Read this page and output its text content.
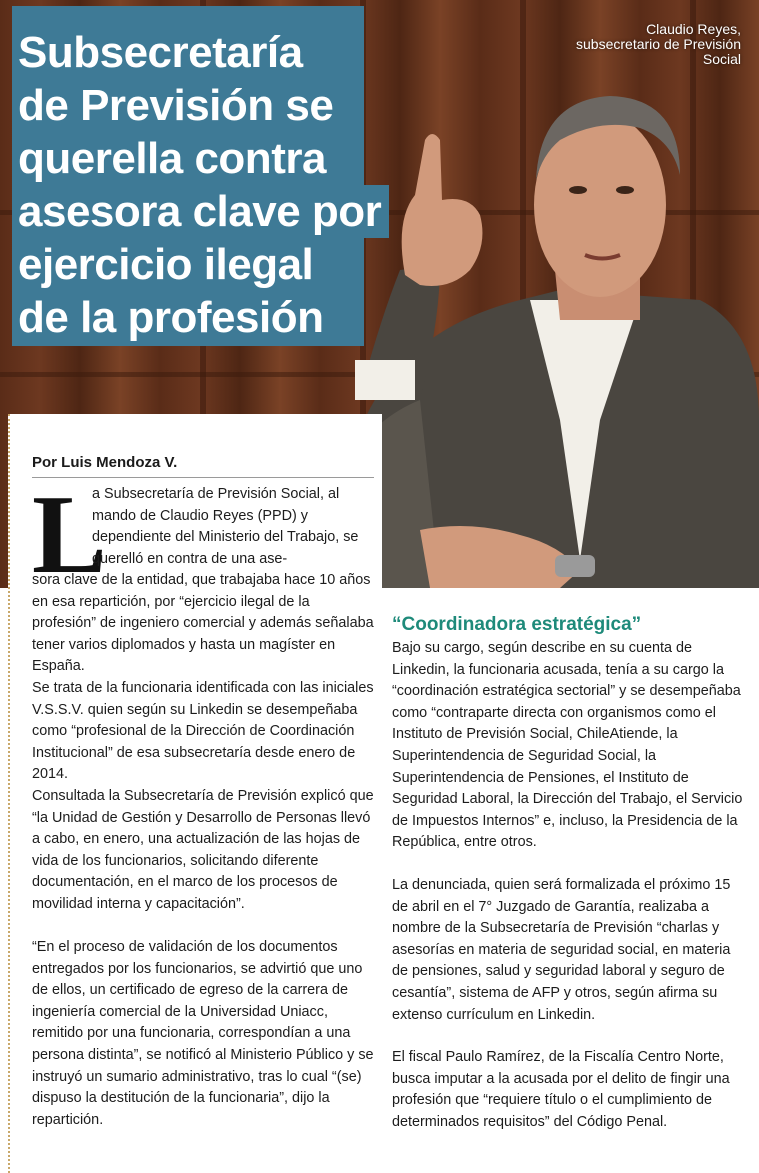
Claudio Reyes, subsecretario de Previsión Social
Subsecretaría
de Previsión se
querella contra
asesora clave por
ejercicio ilegal
de la profesión
Por Luis Mendoza V.
L

a Subsecretaría de Previsión Social, al mando de Claudio Reyes (PPD) y dependiente del Ministerio del Trabajo, se querelló en contra de una ase-

sora clave de la entidad, que trabajaba hace 10 años en esa repartición, por “ejercicio ilegal de la profesión” de ingeniero comercial y además señalaba tener varios diplomados y hasta un magíster en España.

Se trata de la funcionaria identificada con las iniciales V.S.S.V. quien según su Linkedin se desempeñaba como “profesional de la Dirección de Coordinación Institucional” de esa subsecretaría desde enero de 2014.

Consultada la Subsecretaría de Previsión explicó que “la Unidad de Gestión y Desarrollo de Personas llevó a cabo, en enero, una actualización de las hojas de vida de los funcionarios, solicitando diferente documentación, en el marco de los procesos de movilidad interna y capacitación”.

“En el proceso de validación de los documentos entregados por los funcionarios, se advirtió que uno de ellos, un certificado de egreso de la carrera de ingeniería comercial de la Universidad Uniacc, remitido por una funcionaria, correspondían a una persona distinta”, se notificó al Ministerio Público y se instruyó un sumario administrativo, tras lo cual “(se) dispuso la destitución de la funcionaria”, dijo la repartición.

“Coordinadora estratégica”

Bajo su cargo, según describe en su cuenta de Linkedin, la funcionaria acusada, tenía a su cargo la “coordinación estratégica sectorial” y se desempeñaba como “contraparte directa con organismos como el Instituto de Previsión Social, ChileAtiende, la Superintendencia de Seguridad Social, la Superintendencia de Pensiones, el Instituto de Seguridad Laboral, la Dirección del Trabajo, el Servicio de Impuestos Internos” e, incluso, la Presidencia de la República, entre otros.

La denunciada, quien será formalizada el próximo 15 de abril en el 7° Juzgado de Garantía, realizaba a nombre de la Subsecretaría de Previsión “charlas y asesorías en materia de seguridad social, en materia de pensiones, salud y seguridad laboral y seguro de cesantía”, sistema de AFP y otros, según afirma su extenso currículum en Linkedin.

El fiscal Paulo Ramírez, de la Fiscalía Centro Norte, busca imputar a la acusada por el delito de fingir una profesión que “requiere título o el cumplimiento de determinados requisitos” del Código Penal.
